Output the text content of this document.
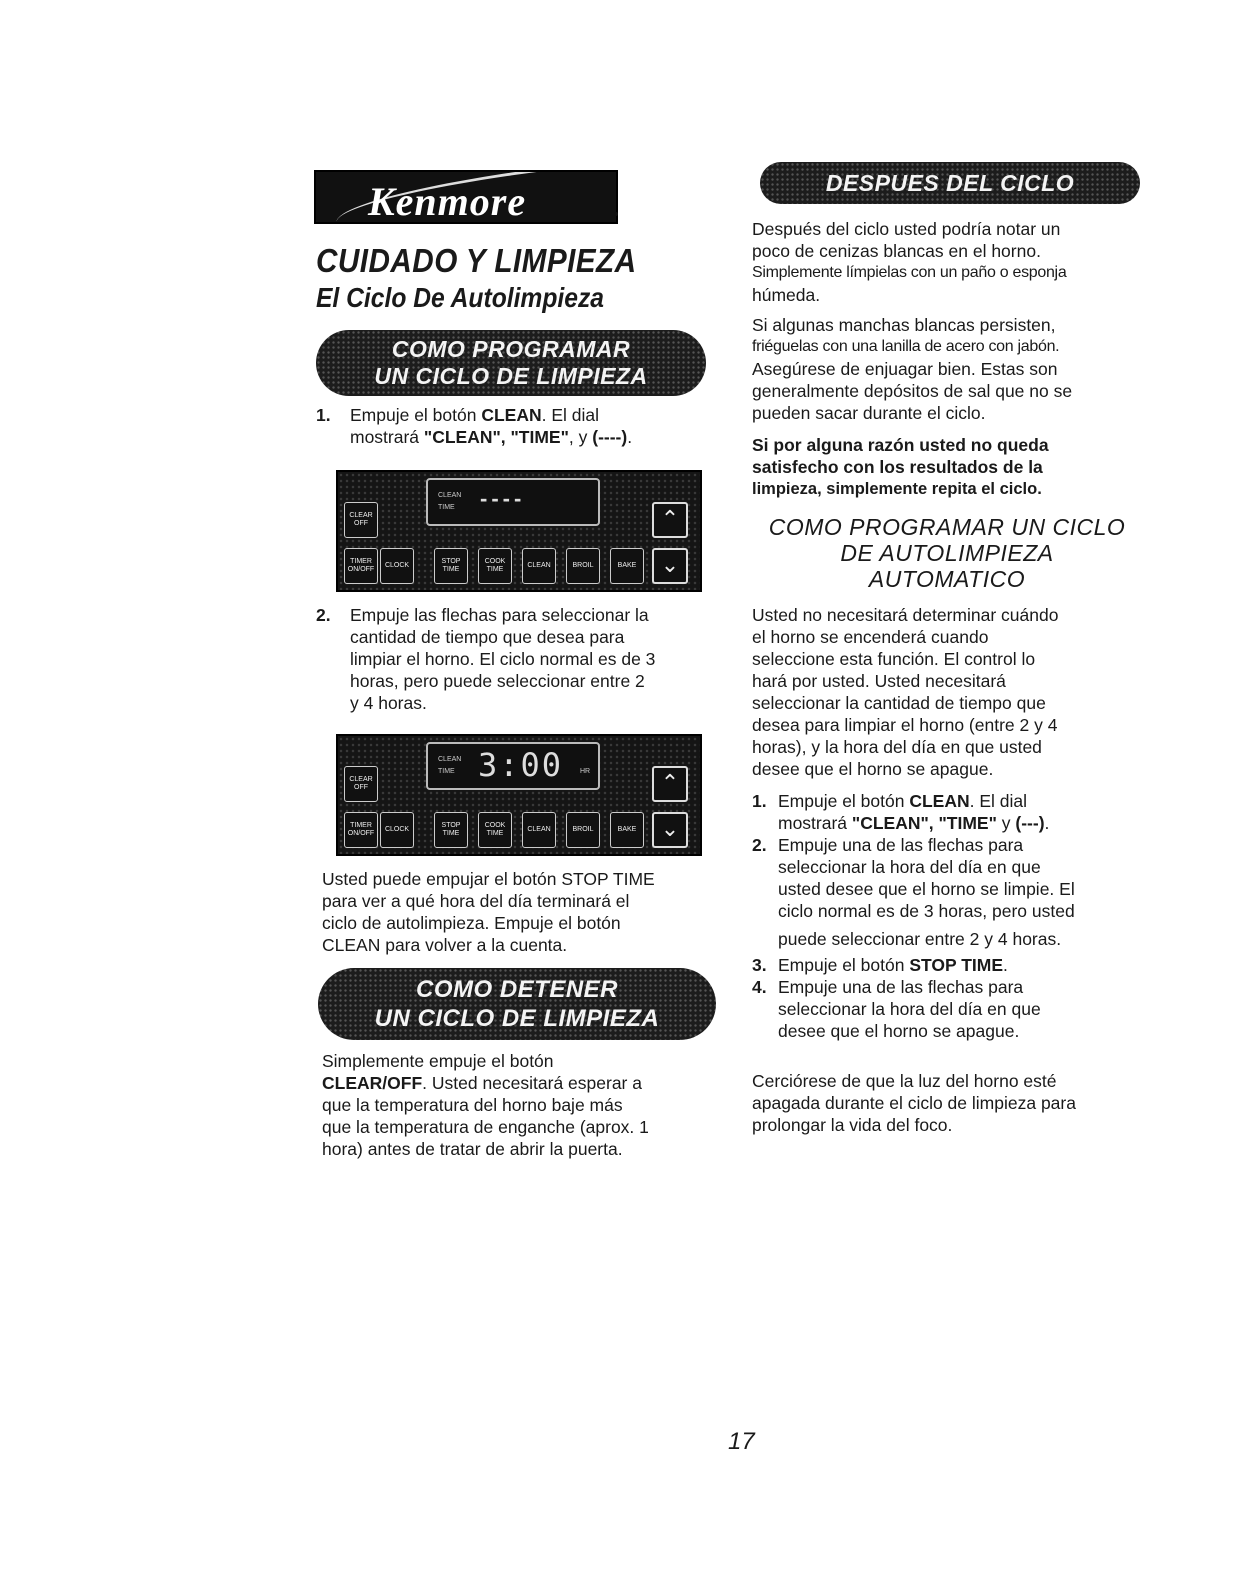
Kenmore
CUIDADO Y LIMPIEZA
El Ciclo De Autolimpieza
COMO PROGRAMAR
UN CICLO DE LIMPIEZA
1. Empuje el botón CLEAN. El dial
mostrará "CLEAN", "TIME", y (----).
CLEAN
TIME ----
CLEAR OFF	⌃
TIMER ON/OFF
CLOCK
STOP TIME
COOK TIME
CLEAN	BROIL	BAKE	⌄
2. Empuje las flechas para seleccionar la
cantidad de tiempo que desea para
limpiar el horno. El ciclo normal es de 3
horas, pero puede seleccionar entre 2
y 4 horas.
CLEAN
TIME 3:00 HR
CLEAR OFF	⌃
TIMER ON/OFF
CLOCK
STOP TIME
COOK TIME
CLEAN	BROIL	BAKE	⌄
Usted puede empujar el botón STOP TIME
para ver a qué hora del día terminará el
ciclo de autolimpieza. Empuje el botón
CLEAN para volver a la cuenta.
COMO DETENER
UN CICLO DE LIMPIEZA
Simplemente empuje el botón
CLEAR/OFF. Usted necesitará esperar a
que la temperatura del horno baje más
que la temperatura de enganche (aprox. 1
hora) antes de tratar de abrir la puerta.
DESPUES DEL CICLO
Después del ciclo usted podría notar un
poco de cenizas blancas en el horno.
Simplemente límpielas con un paño o esponja
húmeda.
Si algunas manchas blancas persisten,
friéguelas con una lanilla de acero con jabón.
Asegúrese de enjuagar bien. Estas son
generalmente depósitos de sal que no se
pueden sacar durante el ciclo.
Si por alguna razón usted no queda
satisfecho con los resultados de la
limpieza, simplemente repita el ciclo.
COMO PROGRAMAR UN CICLO
DE AUTOLIMPIEZA
AUTOMATICO
Usted no necesitará determinar cuándo
el horno se encenderá cuando
seleccione esta función. El control lo
hará por usted. Usted necesitará
seleccionar la cantidad de tiempo que
desea para limpiar el horno (entre 2 y 4
horas), y la hora del día en que usted
desee que el horno se apague.
1. Empuje el botón CLEAN. El dial
mostrará "CLEAN", "TIME" y (---).
2. Empuje una de las flechas para
seleccionar la hora del día en que
usted desee que el horno se limpie. El
ciclo normal es de 3 horas, pero usted
puede seleccionar entre 2 y 4 horas.
3. Empuje el botón STOP TIME.
4. Empuje una de las flechas para
seleccionar la hora del día en que
desee que el horno se apague.
Cerciórese de que la luz del horno esté
apagada durante el ciclo de limpieza para
prolongar la vida del foco.
17
